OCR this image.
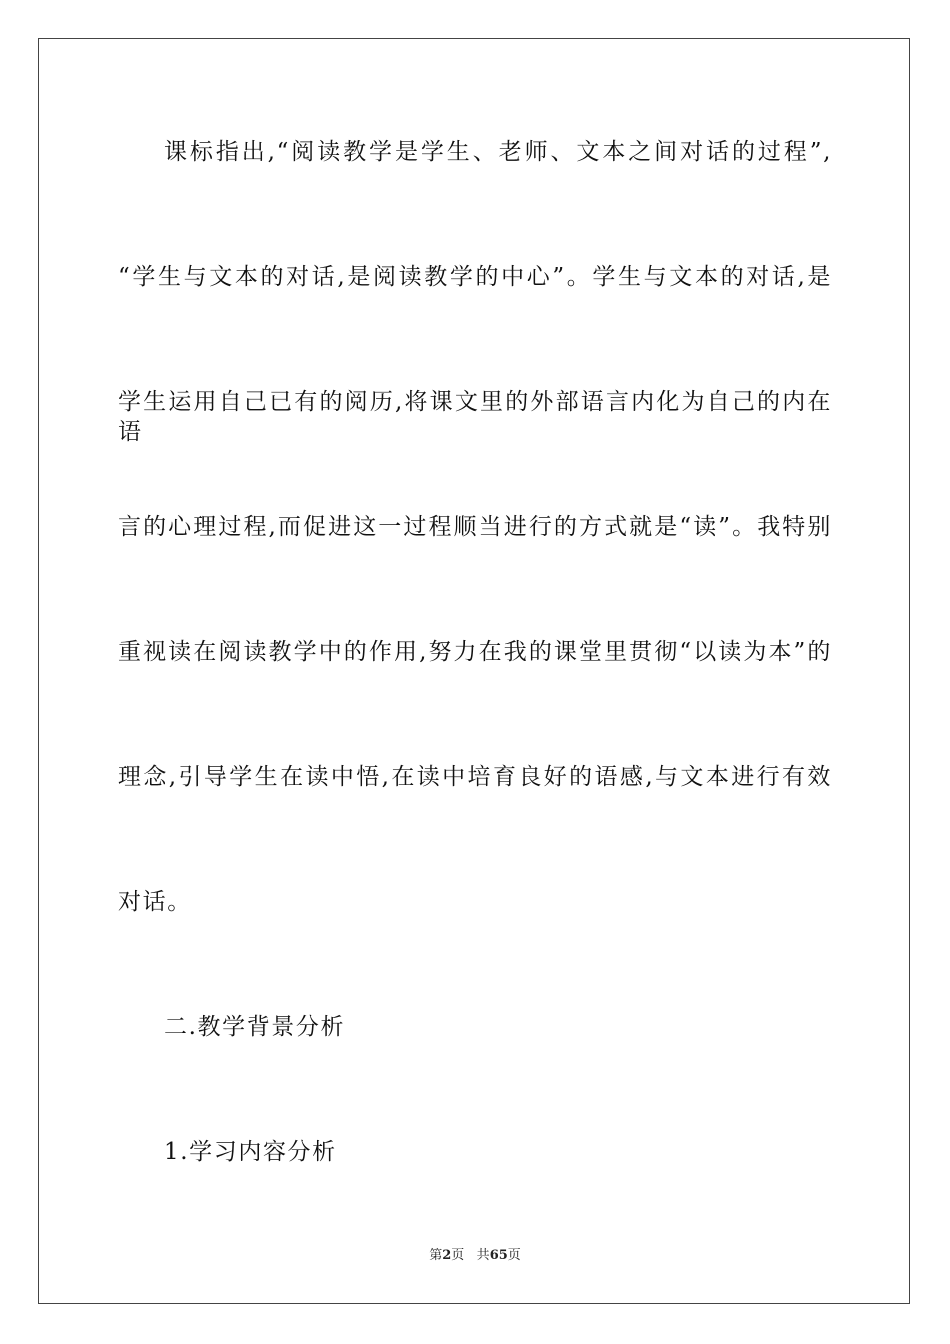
课标指出,“阅读教学是学生、老师、文本之间对话的过程”,
“学生与文本的对话,是阅读教学的中心”。学生与文本的对话,是
学生运用自己已有的阅历,将课文里的外部语言内化为自己的内在语
言的心理过程,而促进这一过程顺当进行的方式就是“读”。我特别
重视读在阅读教学中的作用,努力在我的课堂里贯彻“以读为本”的
理念,引导学生在读中悟,在读中培育良好的语感,与文本进行有效
对话。
二.教学背景分析
1.学习内容分析
第2页 共65页
